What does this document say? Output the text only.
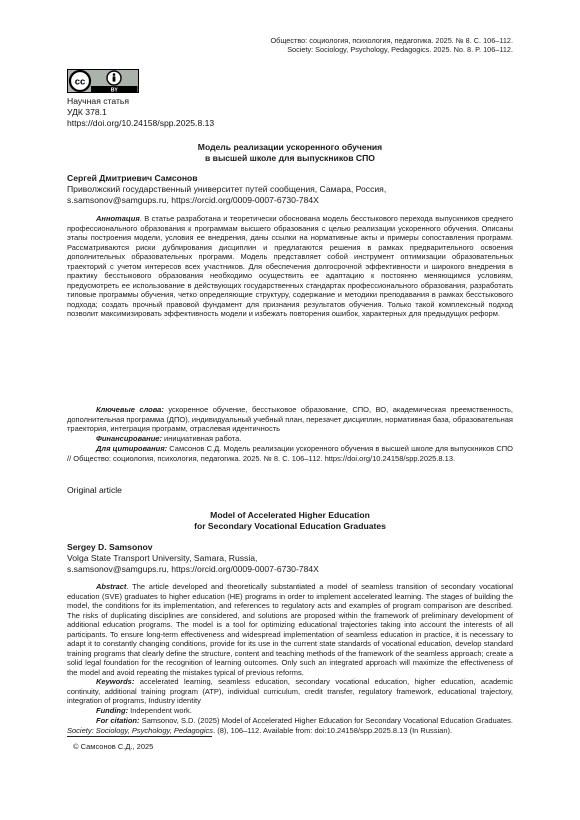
Общество: социология, психология, педагогика. 2025. № 8. С. 106–112.
Society: Sociology, Psychology, Pedagogics. 2025. No. 8. P. 106–112.
cc
BY
Научная статья
УДК 378.1
https://doi.org/10.24158/spp.2025.8.13
Модель реализации ускоренного обучения
в высшей школе для выпускников СПО
Сергей Дмитриевич Самсонов
Приволжский государственный университет путей сообщения, Самара, Россия,
s.samsonov@samgups.ru, https://orcid.org/0009-0007-6730-784X
Аннотация. В статье разработана и теоретически обоснована модель бесстыкового перехода выпускников среднего профессионального образования к программам высшего образования с целью реализации ускоренного обучения. Описаны этапы построения модели, условия ее внедрения, даны ссылки на нормативные акты и примеры сопоставления программ. Рассматриваются риски дублирования дисциплин и предлагаются решения в рамках предварительного освоения дополнительных образовательных программ. Модель представляет собой инструмент оптимизации образовательных траекторий с учетом интересов всех участников. Для обеспечения долгосрочной эффективности и широкого внедрения в практику бесстыкового образования необходимо осуществить ее адаптацию к постоянно меняющимся условиям, предусмотреть ее использование в действующих государственных стандартах профессионального образования, разработать типовые программы обучения, четко определяющие структуру, содержание и методики преподавания в рамках бесстыкового подхода; создать прочный правовой фундамент для признания результатов обучения. Только такой комплексный подход позволит максимизировать эффективность модели и избежать повторения ошибок, характерных для предыдущих реформ.
Ключевые слова: ускоренное обучение, бесстыковое образование, СПО, ВО, академическая преемственность, дополнительная программа (ДПО), индивидуальный учебный план, перезачет дисциплин, нормативная база, образовательная траектория, интеграция программ, отраслевая идентичность
Финансирование: инициативная работа.
Для цитирования: Самсонов С.Д. Модель реализации ускоренного обучения в высшей школе для выпускников СПО // Общество: социология, психология, педагогика. 2025. № 8. С. 106–112. https://doi.org/10.24158/spp.2025.8.13.
Original article
Model of Accelerated Higher Education
for Secondary Vocational Education Graduates
Sergey D. Samsonov
Volga State Transport University, Samara, Russia,
s.samsonov@samgups.ru, https://orcid.org/0009-0007-6730-784X
Abstract. The article developed and theoretically substantiated a model of seamless transition of secondary vocational education (SVE) graduates to higher education (HE) programs in order to implement accelerated learning. The stages of building the model, the conditions for its implementation, and references to regulatory acts and examples of program comparison are described. The risks of duplicating disciplines are considered, and solutions are proposed within the framework of preliminary development of additional education programs. The model is a tool for optimizing educational trajectories taking into account the interests of all participants. To ensure long-term effectiveness and widespread implementation of seamless education in practice, it is necessary to adapt it to constantly changing conditions, provide for its use in the current state standards of vocational education, develop standard training programs that clearly define the structure, content and teaching methods of the framework of the seamless approach; create a solid legal foundation for the recognition of learning outcomes. Only such an integrated approach will maximize the effectiveness of the model and avoid repeating the mistakes typical of previous reforms.
Keywords: accelerated learning, seamless education, secondary vocational education, higher education, academic continuity, additional training program (ATP), individual curriculum, credit transfer, regulatory framework, educational trajectory, integration of programs, Industry identity
Funding: Independent work.
For citation: Samsonov, S.D. (2025) Model of Accelerated Higher Education for Secondary Vocational Education Graduates. Society: Sociology, Psychology, Pedagogics. (8), 106–112. Available from: doi:10.24158/spp.2025.8.13 (In Russian).
© Самсонов С.Д., 2025
